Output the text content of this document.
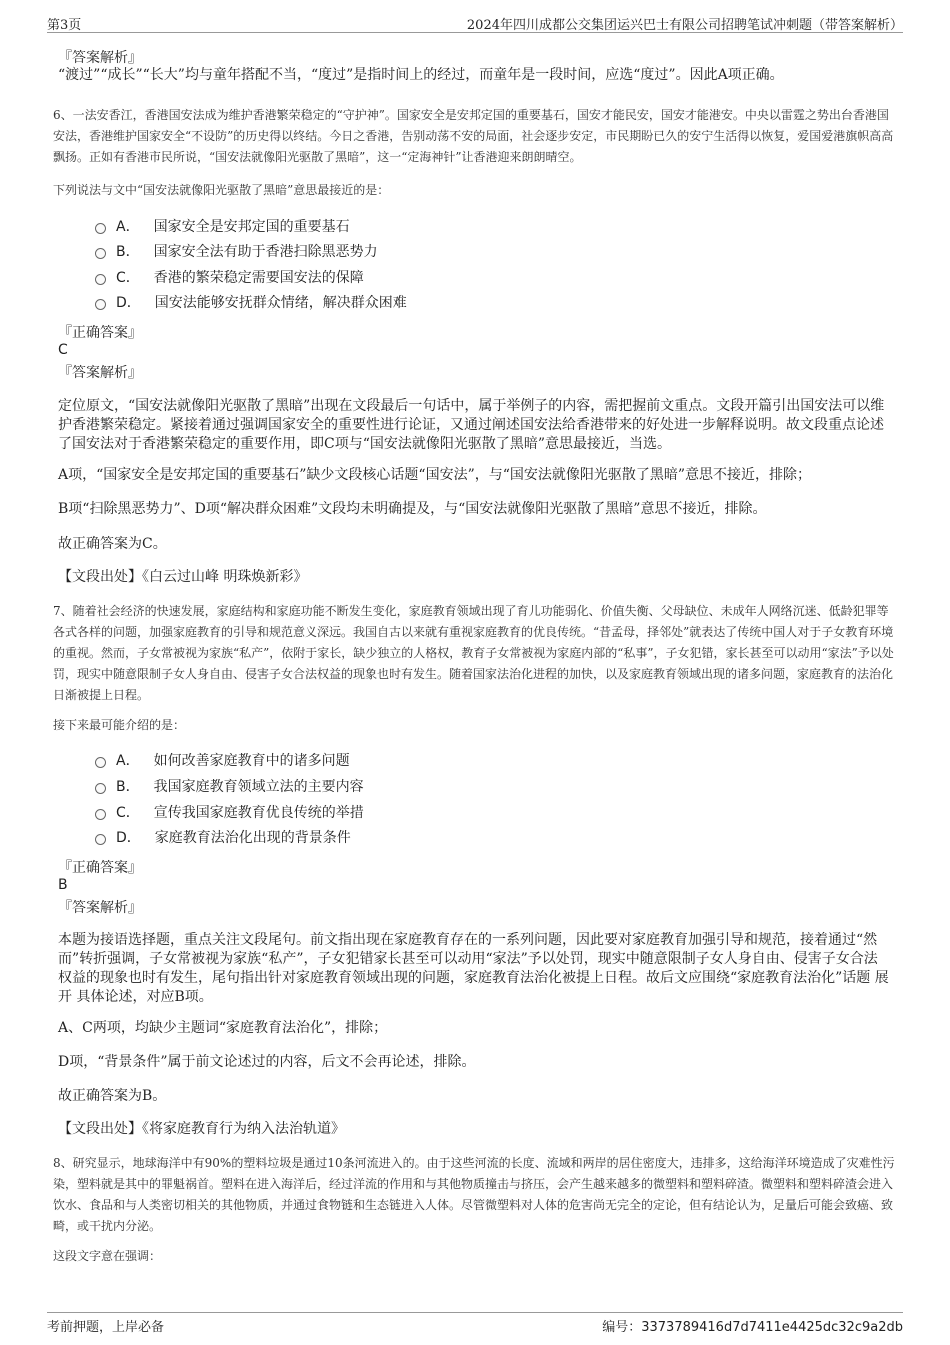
第3页	2024年四川成都公交集团运兴巴士有限公司招聘笔试冲刺题（带答案解析）
『答案解析』
“渡过”“成长”“长大”均与童年搭配不当，“度过”是指时间上的经过，而童年是一段时间，应选“度过”。因此A项正确。
6、一法安香江，香港国安法成为维护香港繁荣稳定的“守护神”。国家安全是安邦定国的重要基石，国安才能民安，国安才能港安。中央以雷霆之势出台香港国安法，香港维护国家安全“不设防”的历史得以终结。今日之香港，告别动荡不安的局面，社会逐步安定，市民期盼已久的安宁生活得以恢复，爱国爱港旗帜高高飘扬。正如有香港市民所说，“国安法就像阳光驱散了黑暗”，这一“定海神针”让香港迎来朗朗晴空。
下列说法与文中“国安法就像阳光驱散了黑暗”意思最接近的是：
A． 国家安全是安邦定国的重要基石
B． 国家安全法有助于香港扫除黑恶势力
C． 香港的繁荣稳定需要国安法的保障
D． 国安法能够安抚群众情绪，解决群众困难
『正确答案』
C
『答案解析』
定位原文，“国安法就像阳光驱散了黑暗”出现在文段最后一句话中，属于举例子的内容，需把握前文重点。文段开篇引出国安法可以维护香港繁荣稳定。紧接着通过强调国家安全的重要性进行论证，又通过阐述国安法给香港带来的好处进一步解释说明。故文段重点论述了国安法对于香港繁荣稳定的重要作用，即C项与“国安法就像阳光驱散了黑暗”意思最接近，当选。
A项，“国家安全是安邦定国的重要基石”缺少文段核心话题“国安法”，与“国安法就像阳光驱散了黑暗”意思不接近，排除；
B项“扫除黑恶势力”、D项“解决群众困难”文段均未明确提及，与“国安法就像阳光驱散了黑暗”意思不接近，排除。
故正确答案为C。
【文段出处】《白云过山峰 明珠焕新彩》
7、随着社会经济的快速发展，家庭结构和家庭功能不断发生变化，家庭教育领域出现了育儿功能弱化、价值失衡、父母缺位、未成年人网络沉迷、低龄犯罪等各式各样的问题，加强家庭教育的引导和规范意义深远。我国自古以来就有重视家庭教育的优良传统。“昔孟母，择邻处”就表达了传统中国人对于子女教育环境的重视。然而，子女常被视为家族“私产”，依附于家长，缺少独立的人格权，教育子女常被视为家庭内部的“私事”，子女犯错，家长甚至可以动用“家法”予以处罚，现实中随意限制子女人身自由、侵害子女合法权益的现象也时有发生。随着国家法治化进程的加快，以及家庭教育领域出现的诸多问题，家庭教育的法治化日渐被提上日程。
接下来最可能介绍的是：
A． 如何改善家庭教育中的诸多问题
B． 我国家庭教育领域立法的主要内容
C． 宣传我国家庭教育优良传统的举措
D． 家庭教育法治化出现的背景条件
『正确答案』
B
『答案解析』
本题为接语选择题，重点关注文段尾句。前文指出现在家庭教育存在的一系列问题，因此要对家庭教育加强引导和规范，接着通过“然而”转折强调，子女常被视为家族“私产”，子女犯错家长甚至可以动用“家法”予以处罚，现实中随意限制子女人身自由、侵害子女合法权益的现象也时有发生，尾句指出针对家庭教育领域出现的问题，家庭教育法治化被提上日程。故后文应围绕“家庭教育法治化”话题 展开 具体论述，对应B项。
A、C两项，均缺少主题词“家庭教育法治化”，排除；
D项，“背景条件”属于前文论述过的内容，后文不会再论述，排除。
故正确答案为B。
【文段出处】《将家庭教育行为纳入法治轨道》
8、研究显示，地球海洋中有90%的塑料垃圾是通过10条河流进入的。由于这些河流的长度、流域和两岸的居住密度大，违排多，这给海洋环境造成了灾难性污染，塑料就是其中的罪魁祸首。塑料在进入海洋后，经过洋流的作用和与其他物质撞击与挤压，会产生越来越多的微塑料和塑料碎渣。微塑料和塑料碎渣会进入饮水、食品和与人类密切相关的其他物质，并通过食物链和生态链进入人体。尽管微塑料对人体的危害尚无完全的定论，但有结论认为，足量后可能会致癌、致畸，或干扰内分泌。
这段文字意在强调：
考前押题，上岸必备	编号：3373789416d7d7411e4425dc32c9a2db
